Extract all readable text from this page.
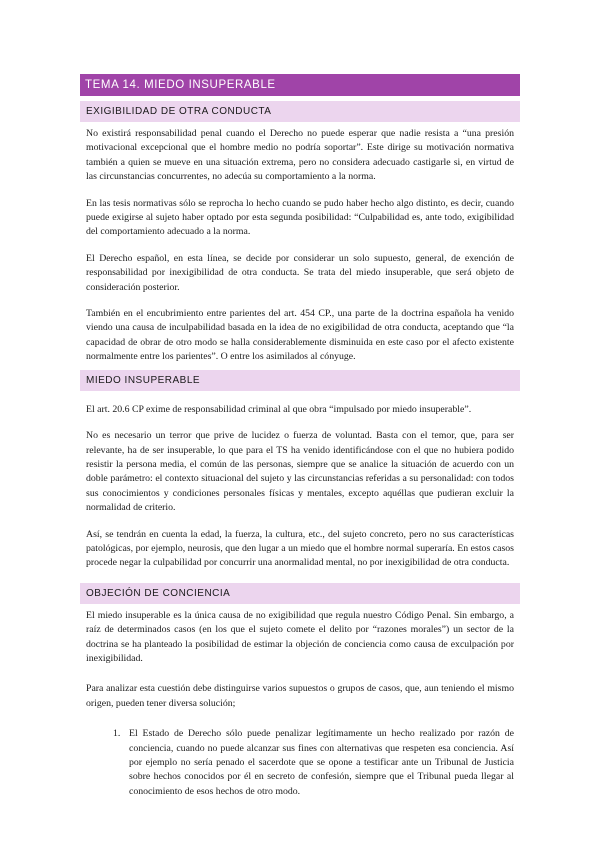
TEMA 14. MIEDO INSUPERABLE
EXIGIBILIDAD DE OTRA CONDUCTA

No existirá responsabilidad penal cuando el Derecho no puede esperar que nadie resista a “una presión motivacional excepcional que el hombre medio no podría soportar”. Este dirige su motivación normativa también a quien se mueve en una situación extrema, pero no considera adecuado castigarle si, en virtud de las circunstancias concurrentes, no adecúa su comportamiento a la norma.

En las tesis normativas sólo se reprocha lo hecho cuando se pudo haber hecho algo distinto, es decir, cuando puede exigirse al sujeto haber optado por esta segunda posibilidad: “Culpabilidad es, ante todo, exigibilidad del comportamiento adecuado a la norma.

El Derecho español, en esta línea, se decide por considerar un solo supuesto, general, de exención de responsabilidad por inexigibilidad de otra conducta. Se trata del miedo insuperable, que será objeto de consideración posterior.

También en el encubrimiento entre parientes del art. 454 CP., una parte de la doctrina española ha venido viendo una causa de inculpabilidad basada en la idea de no exigibilidad de otra conducta, aceptando que “la capacidad de obrar de otro modo se halla considerablemente disminuida en este caso por el afecto existente normalmente entre los parientes”. O entre los asimilados al cónyuge.

MIEDO INSUPERABLE

El art. 20.6 CP exime de responsabilidad criminal al que obra “impulsado por miedo insuperable”.

No es necesario un terror que prive de lucidez o fuerza de voluntad. Basta con el temor, que, para ser relevante, ha de ser insuperable, lo que para el TS ha venido identificándose con el que no hubiera podido resistir la persona media, el común de las personas, siempre que se analice la situación de acuerdo con un doble parámetro: el contexto situacional del sujeto y las circunstancias referidas a su personalidad: con todos sus conocimientos y condiciones personales físicas y mentales, excepto aquéllas que pudieran excluir la normalidad de criterio.

Así, se tendrán en cuenta la edad, la fuerza, la cultura, etc., del sujeto concreto, pero no sus características patológicas, por ejemplo, neurosis, que den lugar a un miedo que el hombre normal superaría. En estos casos procede negar la culpabilidad por concurrir una anormalidad mental, no por inexigibilidad de otra conducta.

OBJECIÓN DE CONCIENCIA

El miedo insuperable es la única causa de no exigibilidad que regula nuestro Código Penal. Sin embargo, a raíz de determinados casos (en los que el sujeto comete el delito por “razones morales”) un sector de la doctrina se ha planteado la posibilidad de estimar la objeción de conciencia como causa de exculpación por inexigibilidad.

Para analizar esta cuestión debe distinguirse varios supuestos o grupos de casos, que, aun teniendo el mismo origen, pueden tener diversa solución;

1. El Estado de Derecho sólo puede penalizar legítimamente un hecho realizado por razón de conciencia, cuando no puede alcanzar sus fines con alternativas que respeten esa conciencia. Así por ejemplo no sería penado el sacerdote que se opone a testificar ante un Tribunal de Justicia sobre hechos conocidos por él en secreto de confesión, siempre que el Tribunal pueda llegar al conocimiento de esos hechos de otro modo.
